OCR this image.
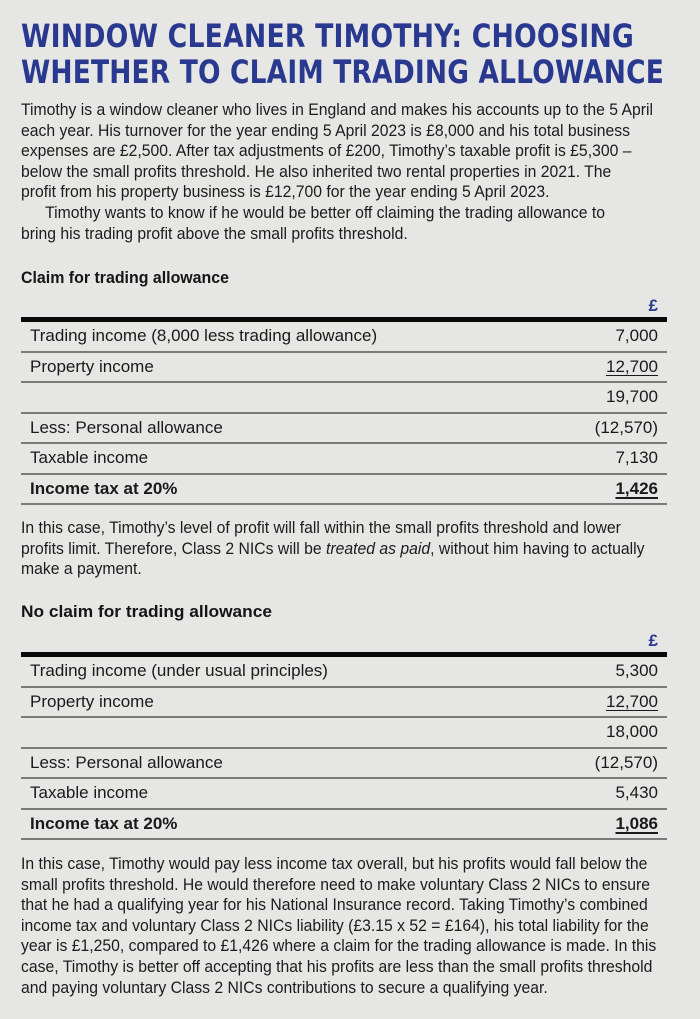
WINDOW CLEANER TIMOTHY: CHOOSING
WHETHER TO CLAIM TRADING ALLOWANCE
Timothy is a window cleaner who lives in England and makes his accounts up to the 5 April
each year. His turnover for the year ending 5 April 2023 is £8,000 and his total business
expenses are £2,500. After tax adjustments of £200, Timothy’s taxable profit is £5,300 –
below the small profits threshold. He also inherited two rental properties in 2021. The
profit from his property business is £12,700 for the year ending 5 April 2023.
Timothy wants to know if he would be better off claiming the trading allowance to
bring his trading profit above the small profits threshold.
Claim for trading allowance
£
Trading income (8,000 less trading allowance)	7,000
Property income	12,700
19,700
Less: Personal allowance	(12,570)
Taxable income	7,130
Income tax at 20%	1,426
In this case, Timothy’s level of profit will fall within the small profits threshold and lower
profits limit. Therefore, Class 2 NICs will be treated as paid, without him having to actually
make a payment.
No claim for trading allowance
£
Trading income (under usual principles)	5,300
Property income	12,700
18,000
Less: Personal allowance	(12,570)
Taxable income	5,430
Income tax at 20%	1,086
In this case, Timothy would pay less income tax overall, but his profits would fall below the
small profits threshold. He would therefore need to make voluntary Class 2 NICs to ensure
that he had a qualifying year for his National Insurance record. Taking Timothy’s combined
income tax and voluntary Class 2 NICs liability (£3.15 x 52 = £164), his total liability for the
year is £1,250, compared to £1,426 where a claim for the trading allowance is made. In this
case, Timothy is better off accepting that his profits are less than the small profits threshold
and paying voluntary Class 2 NICs contributions to secure a qualifying year.
